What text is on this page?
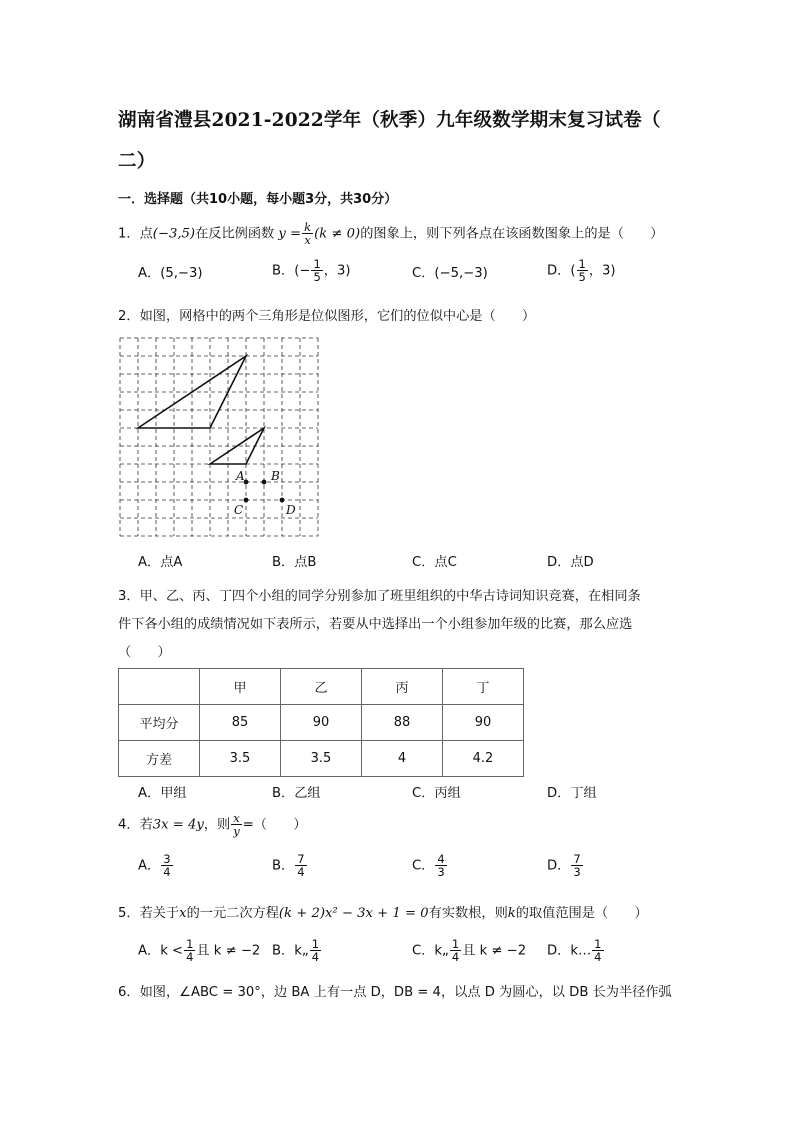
湖南省澧县2021-2022学年（秋季）九年级数学期末复习试卷（
二）
一．选择题（共10小题，每小题3分，共30分）
1．点(−3,5)在反比例函数 $y = \frac{k}{x} (k \ne 0)$的图象上，则下列各点在该函数图象上的是（　　）
A．(5,−3)	B．(− $\frac{1}{5}$ ，3)	C．(−5,−3)	D．( $\frac{1}{5}$ ，3)
2．如图，网格中的两个三角形是位似图形，它们的位似中心是（　　）
A B
C	D
A．点A	B．点B	C．点C	D．点D
3．甲、乙、丙、丁四个小组的同学分别参加了班里组织的中华古诗词知识竞赛，在相同条
件下各小组的成绩情况如下表所示，若要从中选择出一个小组参加年级的比赛，那么应选
（　　）
	甲	乙	丙	丁
平均分	85	90	88	90
方差	3.5	3.5	4	4.2
A．甲组	B．乙组	C．丙组	D．丁组
4．若3x = 4y，则 $\frac{x}{y}$ =（　　）
A． $\frac{3}{4}$	B． $\frac{7}{4}$	C． $\frac{4}{3}$	D． $\frac{7}{3}$
5．若关于x的一元二次方程(k + 2)x² − 3x + 1 = 0有实数根，则k的取值范围是（　　）
A．$k < \frac{1}{4}$ 且 k ≠ −2 B．k„ $\frac{1}{4}$	C．k„ $\frac{1}{4}$ 且 k ≠ −2 D．k… $\frac{1}{4}$
6．如图，∠ABC = 30°，边 BA 上有一点 D，DB = 4，以点 D 为圆心，以 DB 长为半径作弧
